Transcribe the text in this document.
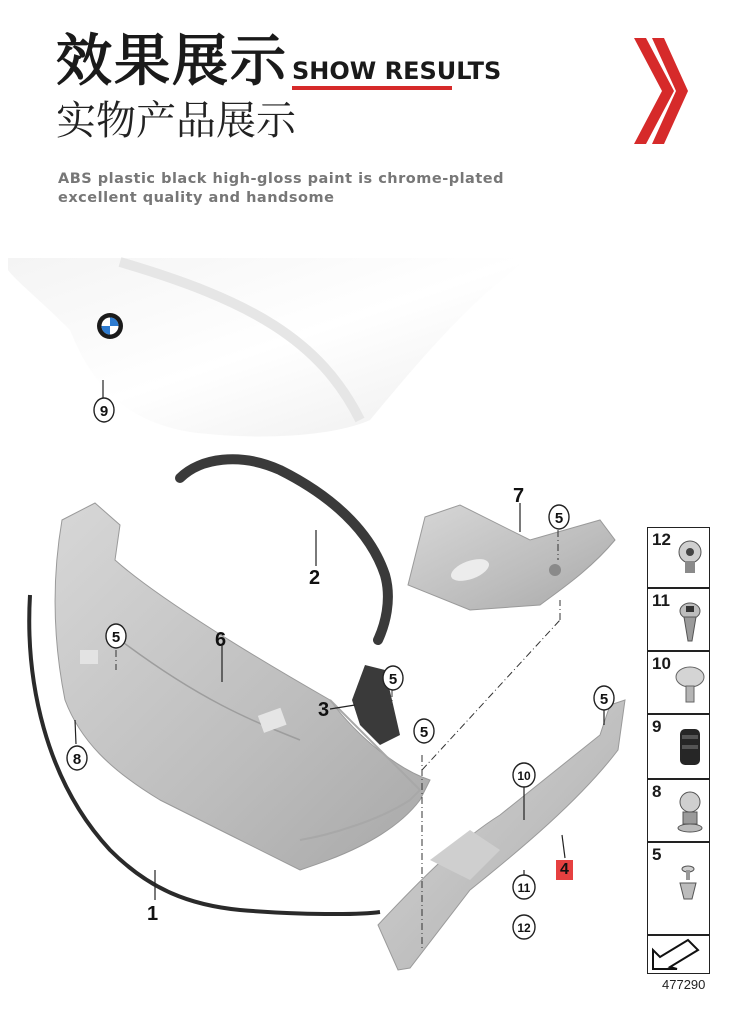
效果展示 SHOW RESULTS
实物产品展示
ABS plastic black high-gloss paint is chrome-plated
excellent quality and handsome
1
2
3
6
7
9
8
5
5
5
5
5
10
11
12
4
12
11
10
9
8
5
477290
